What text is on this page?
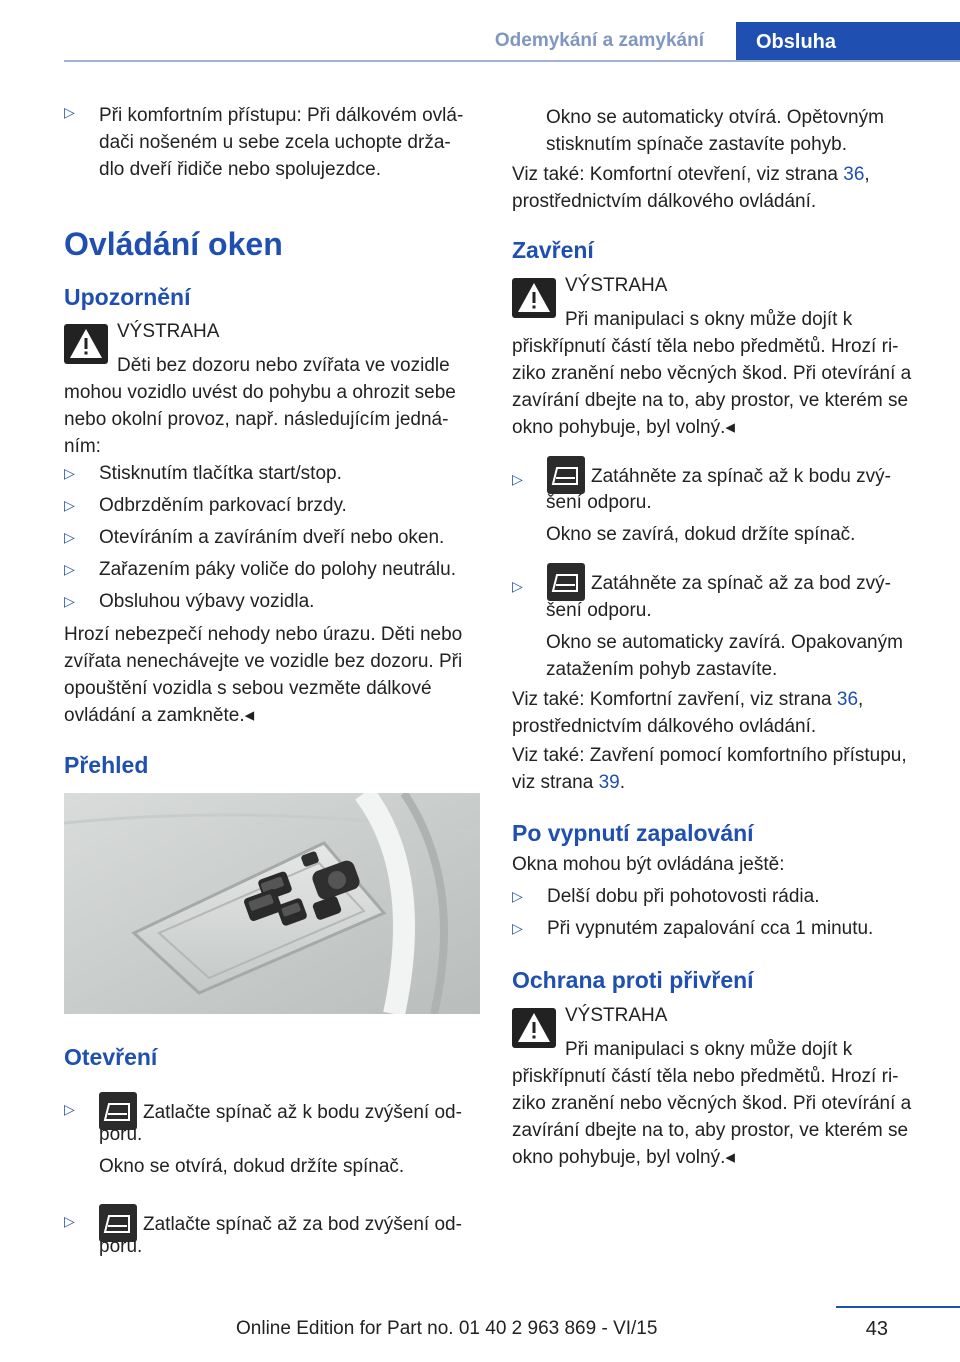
Odemykání a zamykání	Obsluha
Při komfortním přístupu: Při dálkovém ovlá-
dači nošeném u sebe zcela uchopte drža-
dlo dveří řidiče nebo spolujezdce.
▷
Ovládání oken
Upozornění
VÝSTRAHA
Děti bez dozoru nebo zvířata ve vozidle mohou vozidlo uvést do pohybu a ohrozit sebe nebo okolní provoz, např. následujícím jedná-ním:
▷ Stisknutím tlačítka start/stop.
▷ Odbrzděním parkovací brzdy.
▷ Otevíráním a zavíráním dveří nebo oken.
▷ Zařazením páky voliče do polohy neutrálu.
▷ Obsluhou výbavy vozidla.
Hrozí nebezpečí nehody nebo úrazu. Děti nebo zvířata nenechávejte ve vozidle bez dozoru. Při opouštění vozidla s sebou vezměte dálkové ovládání a zamkněte.◂
Přehled
Otevření
▷	Zatlačte spínač až k bodu zvýšení od-
poru.
Okno se otvírá, dokud držíte spínač.
▷	Zatlačte spínač až za bod zvýšení od-
poru.
Okno se automaticky otvírá. Opětovným stisknutím spínače zastavíte pohyb.
Viz také: Komfortní otevření, viz strana 36,
prostřednictvím dálkového ovládání.
Zavření
VÝSTRAHA
Při manipulaci s okny může dojít k přiskřípnutí částí těla nebo předmětů. Hrozí ri-ziko zranění nebo věcných škod. Při otevírání a zavírání dbejte na to, aby prostor, ve kterém se okno pohybuje, byl volný.◂
▷	Zatáhněte za spínač až k bodu zvý-
šení odporu.
Okno se zavírá, dokud držíte spínač.
▷	Zatáhněte za spínač až za bod zvý-
šení odporu.
Okno se automaticky zavírá. Opakovaným zatažením pohyb zastavíte.
Viz také: Komfortní zavření, viz strana 36,
prostřednictvím dálkového ovládání.
Viz také: Zavření pomocí komfortního přístupu,
viz strana 39.
Po vypnutí zapalování
Okna mohou být ovládána ještě:
▷ Delší dobu při pohotovosti rádia.
▷ Při vypnutém zapalování cca 1 minutu.
Ochrana proti přivření
VÝSTRAHA
Při manipulaci s okny může dojít k přiskřípnutí částí těla nebo předmětů. Hrozí ri-ziko zranění nebo věcných škod. Při otevírání a zavírání dbejte na to, aby prostor, ve kterém se okno pohybuje, byl volný.◂
43
Online Edition for Part no. 01 40 2 963 869 - VI/15
